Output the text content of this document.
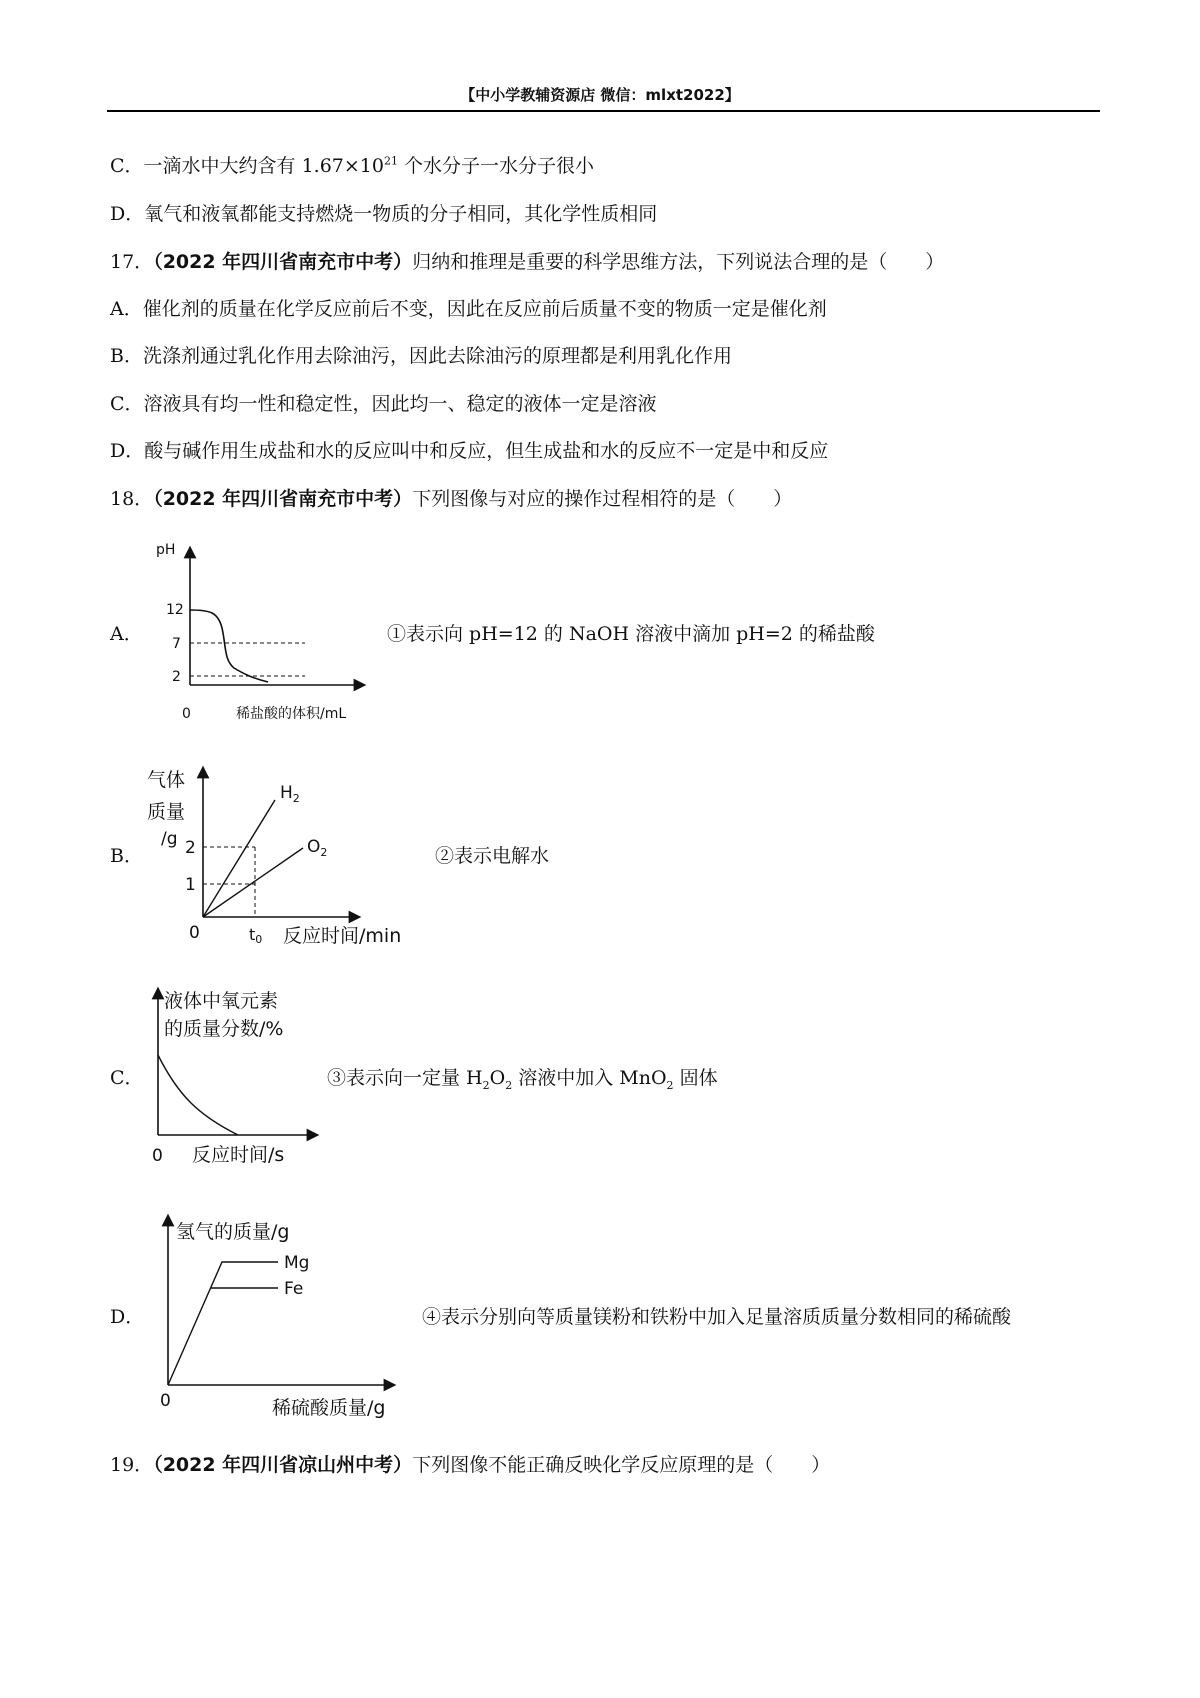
【中小学教辅资源店 微信：mlxt2022】
C．一滴水中大约含有 $1.67\times 10^{21}$ 个水分子一水分子很小
D．氧气和液氧都能支持燃烧一物质的分子相同，其化学性质相同
17．（2022 年四川省南充市中考）归纳和推理是重要的科学思维方法，下列说法合理的是（　　）
A．催化剂的质量在化学反应前后不变，因此在反应前后质量不变的物质一定是催化剂
B．洗涤剂通过乳化作用去除油污，因此去除油污的原理都是利用乳化作用
C．溶液具有均一性和稳定性，因此均一、稳定的液体一定是溶液
D．酸与碱作用生成盐和水的反应叫中和反应，但生成盐和水的反应不一定是中和反应
18．（2022 年四川省南充市中考）下列图像与对应的操作过程相符的是（　　）
A．
pH
12
7
2
0	稀盐酸的体积/mL
①表示向 pH=12 的 NaOH 溶液中滴加 pH=2 的稀盐酸
B．
气体
质量
/g 2
1
$H_2$
$O_2$
0	t0 反应时间/min
②表示电解水
C．
液体中氧元素
的质量分数/%
0 反应时间/s
③表示向一定量 $H_2O_2$ 溶液中加入 MnO$_2$ 固体
D．
氢气的质量/g
Mg
Fe
0	稀硫酸质量/g
④表示分别向等质量镁粉和铁粉中加入足量溶质质量分数相同的稀硫酸
19．（2022 年四川省凉山州中考）下列图像不能正确反映化学反应原理的是（　　）
